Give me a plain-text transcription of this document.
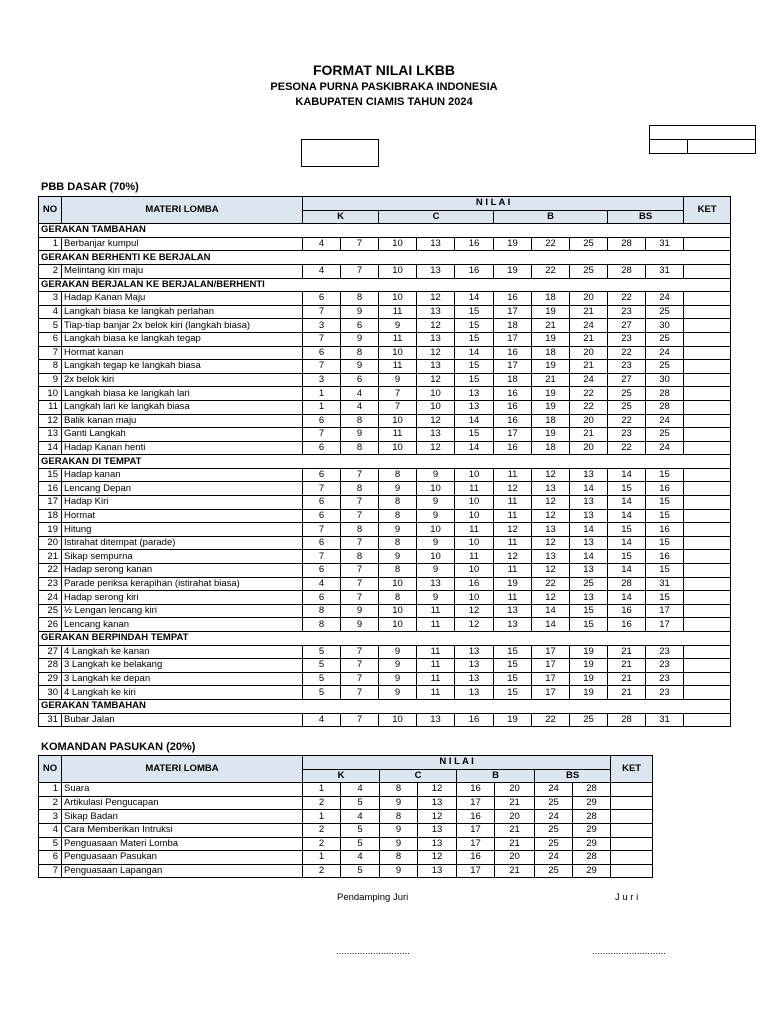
FORMAT NILAI LKBB
PESONA PURNA PASKIBRAKA INDONESIA
KABUPATEN CIAMIS TAHUN 2024
PBB DASAR (70%)
NO	MATERI LOMBA	N I L A I										KET
		K		C			B			BS		
GERAKAN TAMBAHAN												
1	Berbanjar kumpul	4	7	10	13	16	19	22	25	28	31	
GERAKAN BERHENTI KE BERJALAN												
2	Melintang kiri maju	4	7	10	13	16	19	22	25	28	31	
GERAKAN BERJALAN KE BERJALAN/BERHENTI												
3	Hadap Kanan Maju	6	8	10	12	14	16	18	20	22	24	
4	Langkah biasa ke langkah perlahan	7	9	11	13	15	17	19	21	23	25	
5	Tiap-tiap banjar 2x belok kiri (langkah biasa)	3	6	9	12	15	18	21	24	27	30	
6	Langkah biasa ke langkah tegap	7	9	11	13	15	17	19	21	23	25	
7	Hormat kanan	6	8	10	12	14	16	18	20	22	24	
8	Langkah tegap ke langkah biasa	7	9	11	13	15	17	19	21	23	25	
9	2x belok kiri	3	6	9	12	15	18	21	24	27	30	
10	Langkah biasa ke langkah lari	1	4	7	10	13	16	19	22	25	28	
11	Langkah lari ke langkah biasa	1	4	7	10	13	16	19	22	25	28	
12	Balik kanan maju	6	8	10	12	14	16	18	20	22	24	
13	Ganti Langkah	7	9	11	13	15	17	19	21	23	25	
14	Hadap Kanan henti	6	8	10	12	14	16	18	20	22	24	
GERAKAN DI TEMPAT												
15	Hadap kanan	6	7	8	9	10	11	12	13	14	15	
16	Lencang Depan	7	8	9	10	11	12	13	14	15	16	
17	Hadap Kiri	6	7	8	9	10	11	12	13	14	15	
18	Hormat	6	7	8	9	10	11	12	13	14	15	
19	Hitung	7	8	9	10	11	12	13	14	15	16	
20	Istirahat ditempat (parade)	6	7	8	9	10	11	12	13	14	15	
21	Sikap sempurna	7	8	9	10	11	12	13	14	15	16	
22	Hadap serong kanan	6	7	8	9	10	11	12	13	14	15	
23	Parade periksa kerapihan (istirahat biasa)	4	7	10	13	16	19	22	25	28	31	
24	Hadap serong kiri	6	7	8	9	10	11	12	13	14	15	
25	½ Lengan lencang kiri	8	9	10	11	12	13	14	15	16	17	
26	Lencang kanan	8	9	10	11	12	13	14	15	16	17	
GERAKAN BERPINDAH TEMPAT												
27	4 Langkah ke kanan	5	7	9	11	13	15	17	19	21	23	
28	3 Langkah ke belakang	5	7	9	11	13	15	17	19	21	23	
29	3 Langkah ke depan	5	7	9	11	13	15	17	19	21	23	
30	4 Langkah ke kiri	5	7	9	11	13	15	17	19	21	23	
GERAKAN TAMBAHAN												
31	Bubar Jalan	4	7	10	13	16	19	22	25	28	31	
KOMANDAN PASUKAN (20%)
NO	MATERI LOMBA	N I L A I								KET
		K		C		B		BS		
1	Suara	1	4	8	12	16	20	24	28	
2	Artikulasi Pengucapan	2	5	9	13	17	21	25	29	
3	Sikap Badan	1	4	8	12	16	20	24	28	
4	Cara Memberikan Intruksi	2	5	9	13	17	21	25	29	
5	Penguasaan Materi Lomba	2	5	9	13	17	21	25	29	
6	Penguasaan Pasukan	1	4	8	12	16	20	24	28	
7	Penguasaan Lapangan	2	5	9	13	17	21	25	29	
Pendamping Juri	J u r i
............................	............................
